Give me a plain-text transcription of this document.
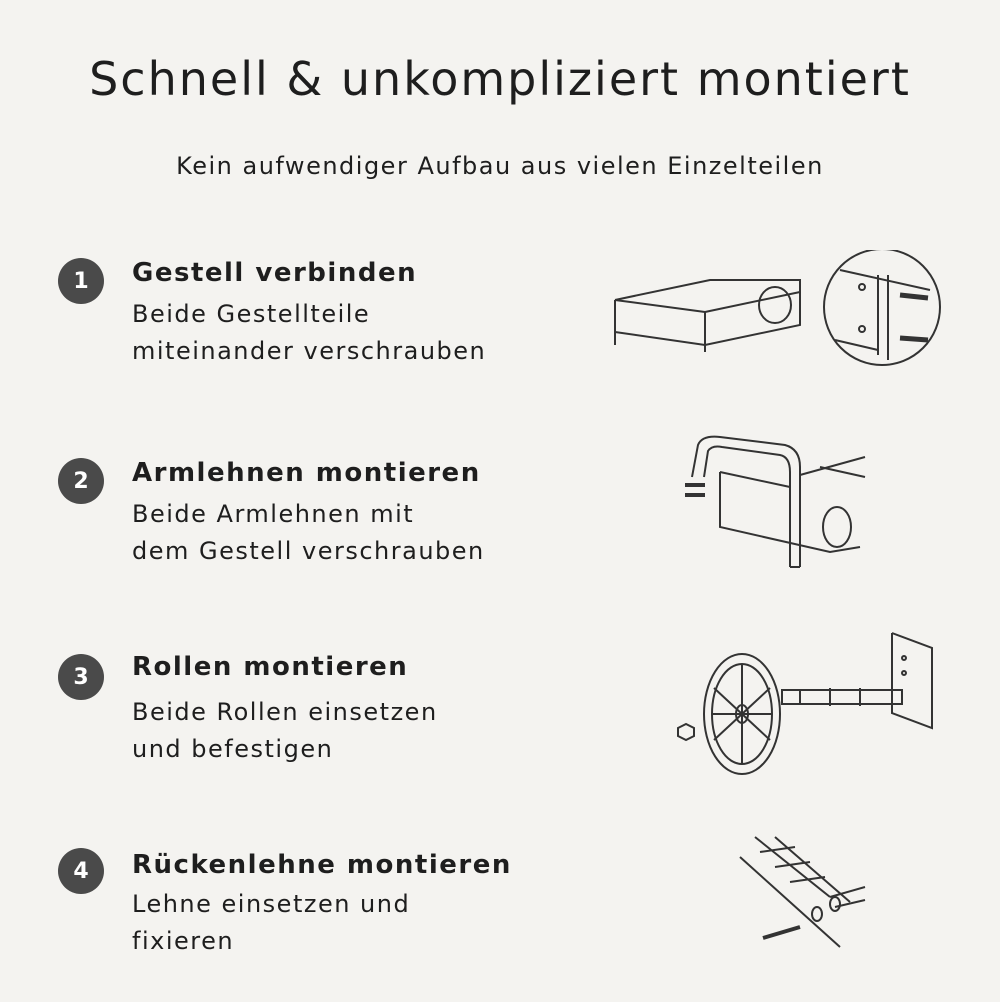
Schnell & unkompliziert montiert

Kein aufwendiger Aufbau aus vielen Einzelteilen

1	Gestell verbinden

Beide Gestellteile
miteinander verschrauben

2	Armlehnen montieren

Beide Armlehnen mit
dem Gestell verschrauben

3	Rollen montieren

Beide Rollen einsetzen
und befestigen

4	Rückenlehne montieren

Lehne einsetzen und
fixieren
